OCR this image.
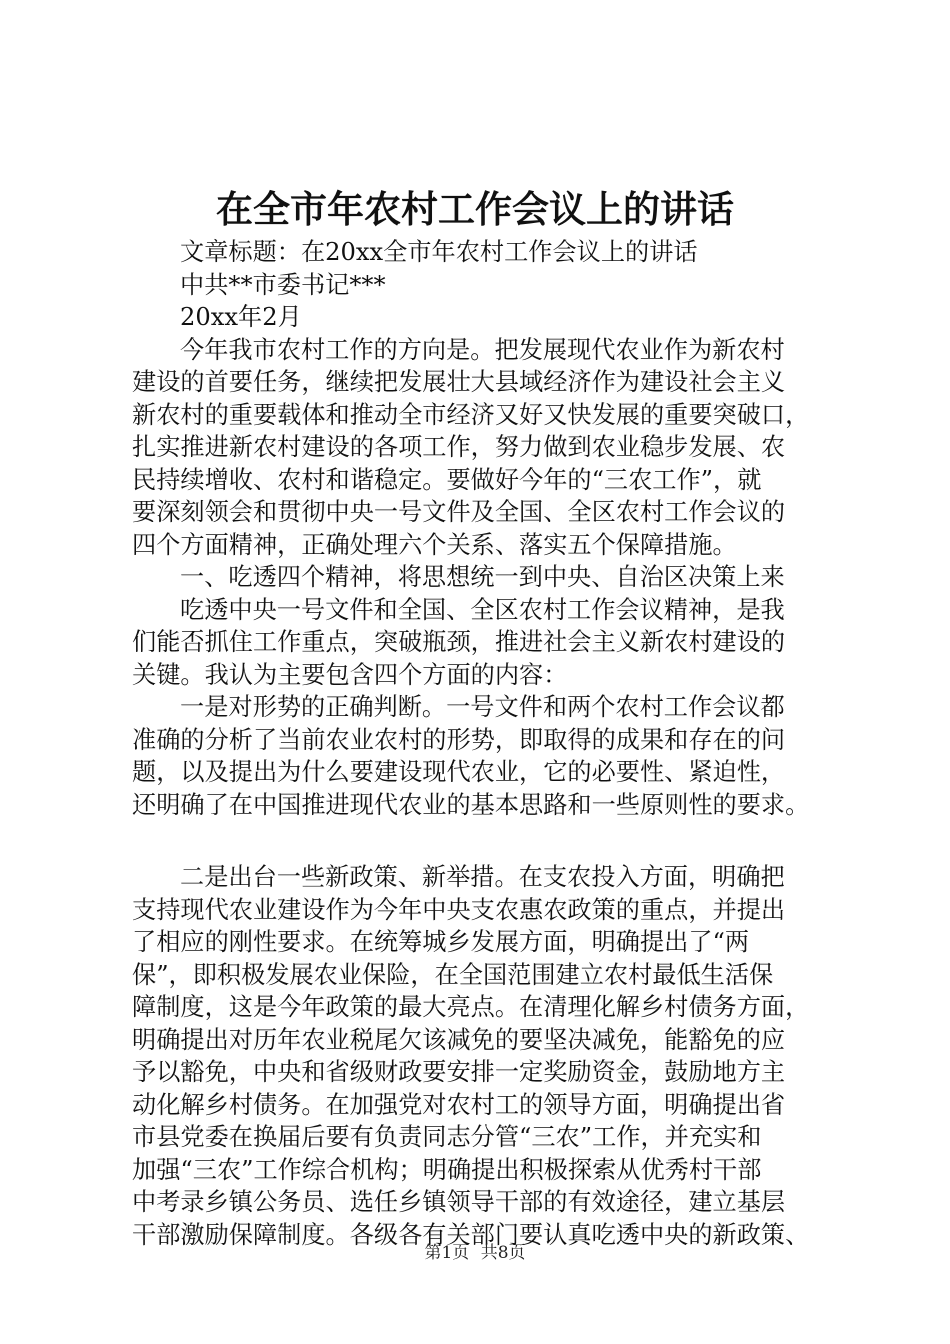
在全市年农村工作会议上的讲话
文章标题：在20xx全市年农村工作会议上的讲话
中共**市委书记***
20xx年2月
今年我市农村工作的方向是。把发展现代农业作为新农村
建设的首要任务，继续把发展壮大县域经济作为建设社会主义
新农村的重要载体和推动全市经济又好又快发展的重要突破口，
扎实推进新农村建设的各项工作，努力做到农业稳步发展、农
民持续增收、农村和谐稳定。要做好今年的“三农工作”，就
要深刻领会和贯彻中央一号文件及全国、全区农村工作会议的
四个方面精神，正确处理六个关系、落实五个保障措施。
一、吃透四个精神，将思想统一到中央、自治区决策上来
吃透中央一号文件和全国、全区农村工作会议精神，是我
们能否抓住工作重点，突破瓶颈，推进社会主义新农村建设的
关键。我认为主要包含四个方面的内容：
一是对形势的正确判断。一号文件和两个农村工作会议都
准确的分析了当前农业农村的形势，即取得的成果和存在的问
题，以及提出为什么要建设现代农业，它的必要性、紧迫性，
还明确了在中国推进现代农业的基本思路和一些原则性的要求。
二是出台一些新政策、新举措。在支农投入方面，明确把
支持现代农业建设作为今年中央支农惠农政策的重点，并提出
了相应的刚性要求。在统筹城乡发展方面，明确提出了“两
保”，即积极发展农业保险，在全国范围建立农村最低生活保
障制度，这是今年政策的最大亮点。在清理化解乡村债务方面，
明确提出对历年农业税尾欠该减免的要坚决减免，能豁免的应
予以豁免，中央和省级财政要安排一定奖励资金，鼓励地方主
动化解乡村债务。在加强党对农村工的领导方面，明确提出省
市县党委在换届后要有负责同志分管“三农”工作，并充实和
加强“三农”工作综合机构；明确提出积极探索从优秀村干部
中考录乡镇公务员、选任乡镇领导干部的有效途径，建立基层
干部激励保障制度。各级各有关部门要认真吃透中央的新政策、
第1页 共8页
